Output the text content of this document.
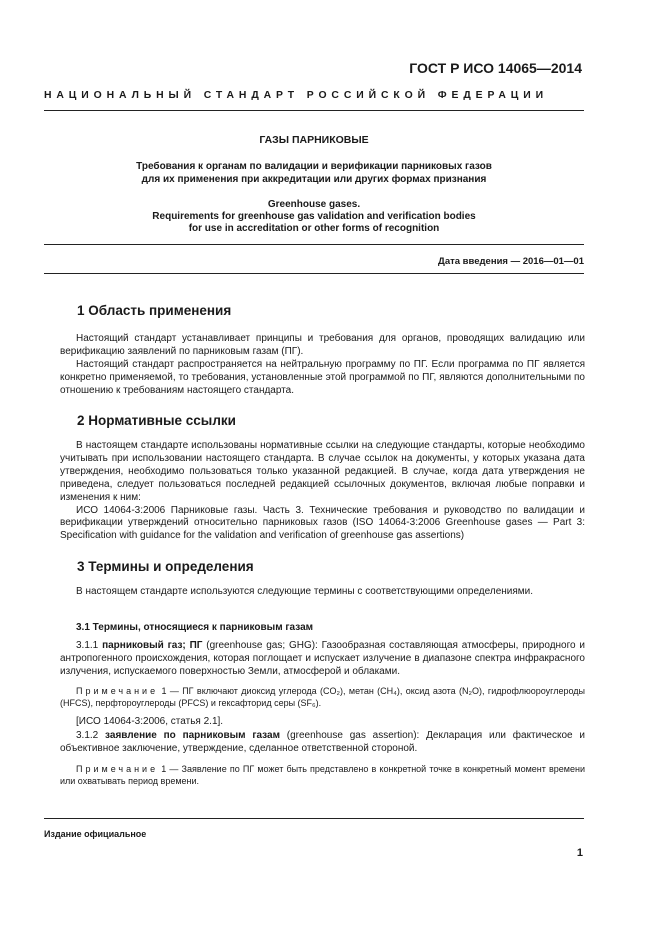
ГОСТ Р ИСО 14065—2014
НАЦИОНАЛЬНЫЙ СТАНДАРТ РОССИЙСКОЙ ФЕДЕРАЦИИ
ГАЗЫ ПАРНИКОВЫЕ
Требования к органам по валидации и верификации парниковых газов
для их применения при аккредитации или других формах признания
Greenhouse gases.
Requirements for greenhouse gas validation and verification bodies
for use in accreditation or other forms of recognition
Дата введения — 2016—01—01
1 Область применения

Настоящий стандарт устанавливает принципы и требования для органов, проводящих валидацию или верификацию заявлений по парниковым газам (ПГ).

Настоящий стандарт распространяется на нейтральную программу по ПГ. Если программа по ПГ является конкретно применяемой, то требования, установленные этой программой по ПГ, являются дополнительными по отношению к требованиям настоящего стандарта.

2 Нормативные ссылки

В настоящем стандарте использованы нормативные ссылки на следующие стандарты, которые необходимо учитывать при использовании настоящего стандарта. В случае ссылок на документы, у которых указана дата утверждения, необходимо пользоваться только указанной редакцией. В случае, когда дата утверждения не приведена, следует пользоваться последней редакцией ссылочных документов, включая любые поправки и изменения к ним:

ИСО 14064-3:2006 Парниковые газы. Часть 3. Технические требования и руководство по валидации и верификации утверждений относительно парниковых газов (ISO 14064-3:2006 Greenhouse gases — Part 3: Specification with guidance for the validation and verification of greenhouse gas assertions)

3 Термины и определения

В настоящем стандарте используются следующие термины с соответствующими определениями.

3.1 Термины, относящиеся к парниковым газам

3.1.1 парниковый газ; ПГ (greenhouse gas; GHG): Газообразная составляющая атмосферы, природного и антропогенного происхождения, которая поглощает и испускает излучение в диапазоне спектра инфракрасного излучения, испускаемого поверхностью Земли, атмосферой и облаками.

Примечание 1 — ПГ включают диоксид углерода (CO₂), метан (CH₄), оксид азота (N₂O), гидрофлюороуглероды (HFCS), перфтороуглероды (PFCS) и гексафторид серы (SF₆).

[ИСО 14064-3:2006, статья 2.1].

3.1.2 заявление по парниковым газам (greenhouse gas assertion): Декларация или фактическое и объективное заключение, утверждение, сделанное ответственной стороной.

Примечание 1 — Заявление по ПГ может быть представлено в конкретной точке в конкретный момент времени или охватывать период времени.

Издание официальное
1
